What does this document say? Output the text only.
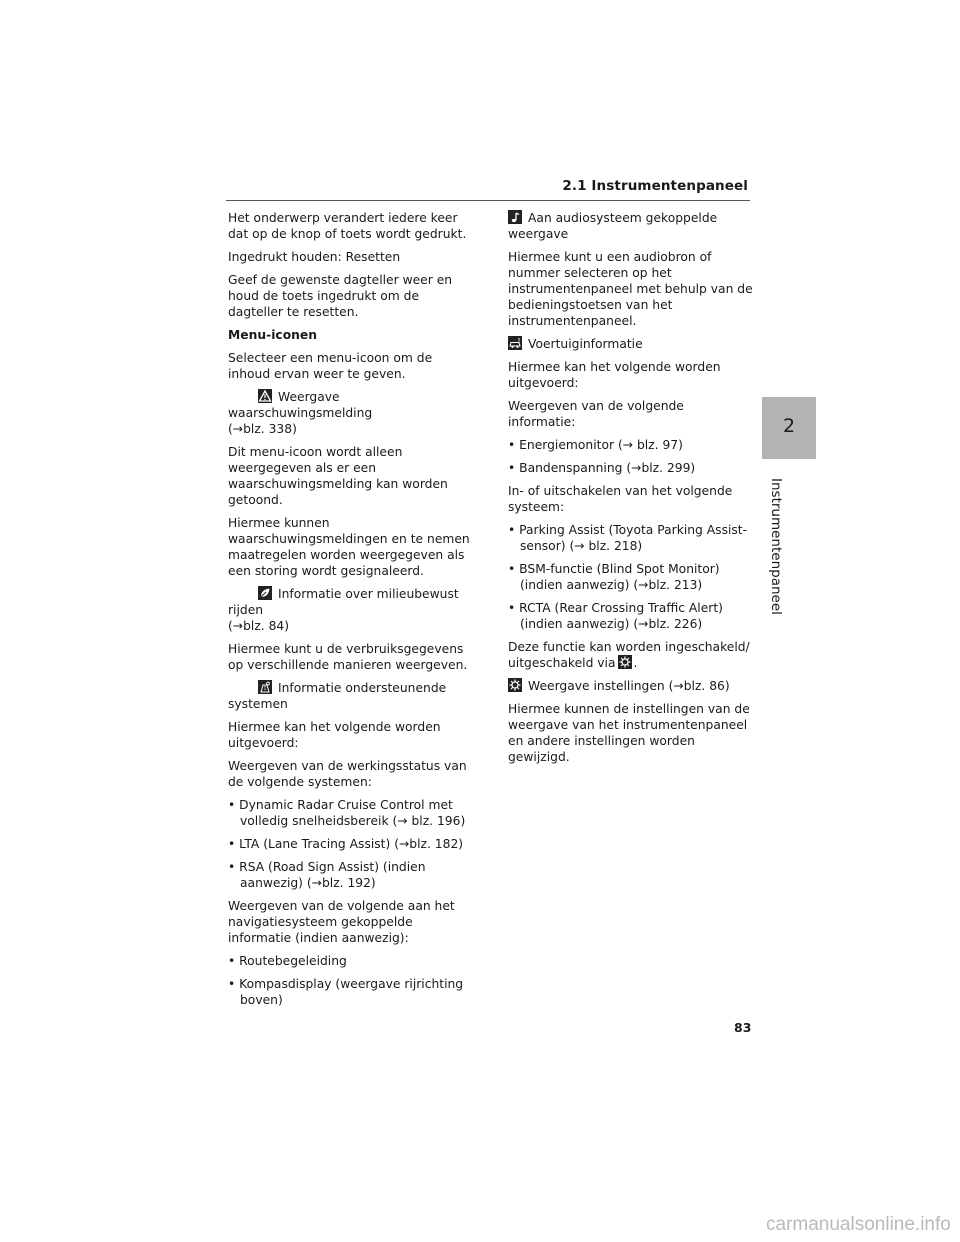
2.1 Instrumentenpaneel

Het onderwerp verandert iedere keer dat op de knop of toets wordt gedrukt.

Ingedrukt houden: Resetten

Geef de gewenste dagteller weer en houd de toets ingedrukt om de dagteller te resetten.

Menu-iconen

Selecteer een menu-icoon om de inhoud ervan weer te geven.

Weergave waarschuwingsmelding
(→blz. 338)

Dit menu-icoon wordt alleen weergegeven als er een waarschuwingsmelding kan worden getoond.

Hiermee kunnen waarschuwingsmeldingen en te nemen maatregelen worden weergegeven als een storing wordt gesignaleerd.

Informatie over milieubewust rijden
(→blz. 84)

Hiermee kunt u de verbruiksgegevens op verschillende manieren weergeven.

Informatie ondersteunende
systemen

Hiermee kan het volgende worden uitgevoerd:

Weergeven van de werkingsstatus van de volgende systemen:

• Dynamic Radar Cruise Control met volledig snelheidsbereik (→ blz. 196)

• LTA (Lane Tracing Assist) (→blz. 182)

• RSA (Road Sign Assist) (indien aanwezig) (→blz. 192)

Weergeven van de volgende aan het navigatiesysteem gekoppelde informatie (indien aanwezig):

• Routebegeleiding

• Kompasdisplay (weergave rijrichting boven)

Aan audiosysteem gekoppelde
weergave

Hiermee kunt u een audiobron of nummer selecteren op het instrumentenpaneel met behulp van de bedieningstoetsen van het instrumentenpaneel.

Voertuiginformatie

Hiermee kan het volgende worden uitgevoerd:

Weergeven van de volgende informatie:

• Energiemonitor (→ blz. 97)

• Bandenspanning (→blz. 299)

In- of uitschakelen van het volgende systeem:

• Parking Assist (Toyota Parking Assist-sensor) (→ blz. 218)

• BSM-functie (Blind Spot Monitor) (indien aanwezig) (→blz. 213)

• RCTA (Rear Crossing Traffic Alert) (indien aanwezig) (→blz. 226)

Deze functie kan worden ingeschakeld/ uitgeschakeld via .

Weergave instellingen (→blz. 86)

Hiermee kunnen de instellingen van de weergave van het instrumentenpaneel en andere instellingen worden gewijzigd.

2
Instrumentenpaneel
83
carmanualsonline.info
